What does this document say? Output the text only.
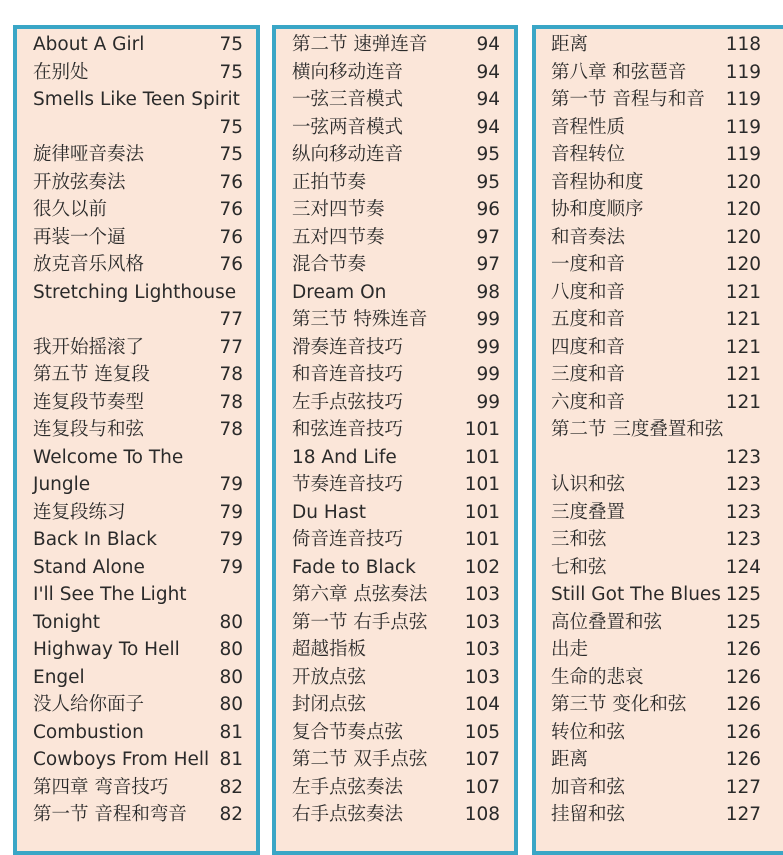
About A Girl	75
在别处	75
Smells Like Teen Spirit
75
旋律哑音奏法	75
开放弦奏法	76
很久以前	76
再装一个逼	76
放克音乐风格	76
Stretching Lighthouse
77
我开始摇滚了	77
第五节 连复段	78
连复段节奏型	78
连复段与和弦	78
Welcome To The
Jungle	79
连复段练习	79
Back In Black	79
Stand Alone	79
I'll See The Light
Tonight	80
Highway To Hell 80
Engel	80
没人给你面子	80
Combustion	81
Cowboys From Hell 81
第四章 弯音技巧	82
第一节 音程和弯音 82
第二节 速弹连音	94
横向移动连音	94
一弦三音模式	94
一弦两音模式	94
纵向移动连音	95
正拍节奏	95
三对四节奏	96
五对四节奏	97
混合节奏	97
Dream On	98
第三节 特殊连音	99
滑奏连音技巧	99
和音连音技巧	99
左手点弦技巧	99
和弦连音技巧	101
18 And Life	101
节奏连音技巧	101
Du Hast	101
倚音连音技巧	101
Fade to Black	102
第六章 点弦奏法 103
第一节 右手点弦 103
超越指板	103
开放点弦	103
封闭点弦	104
复合节奏点弦	105
第二节 双手点弦 107
左手点弦奏法	107
右手点弦奏法	108
距离	118
第八章 和弦琶音 119
第一节 音程与和音 119
音程性质	119
音程转位	119
音程协和度	120
协和度顺序	120
和音奏法	120
一度和音	120
八度和音	121
五度和音	121
四度和音	121
三度和音	121
六度和音	121
第二节 三度叠置和弦
123
认识和弦	123
三度叠置	123
三和弦	123
七和弦	124
Still Got The Blues 125
高位叠置和弦	125
出走	126
生命的悲哀	126
第三节 变化和弦 126
转位和弦	126
距离	126
加音和弦	127
挂留和弦	127
